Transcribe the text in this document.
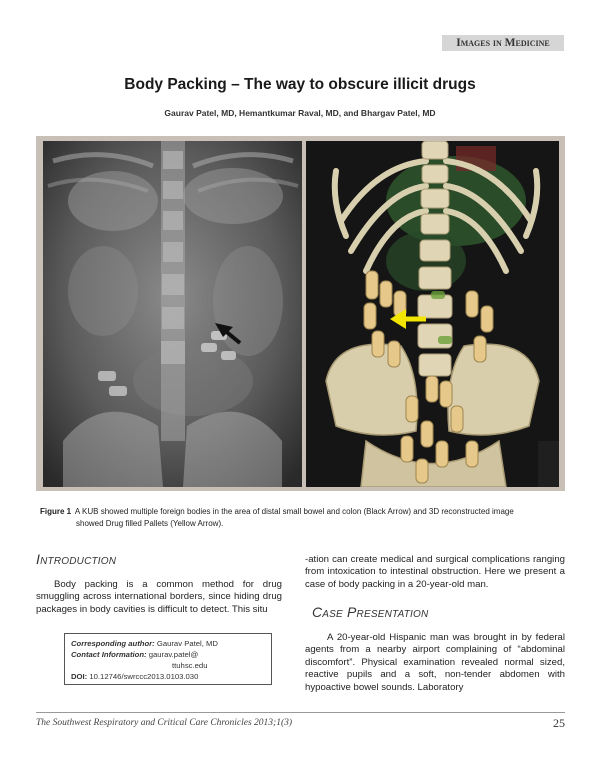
Images in Medicine
Body Packing – The way to obscure illicit drugs
Gaurav Patel, MD, Hemantkumar Raval, MD, and Bhargav Patel, MD
Figure 1 A KUB showed multiple foreign bodies in the area of distal small bowel and colon (Black Arrow) and 3D reconstructed image
showed Drug filled Pallets (Yellow Arrow).
Introduction
Body packing is a common method for drug smuggling across international borders, since hiding drug packages in body cavities is difficult to detect. This situ
-ation can create medical and surgical complications ranging from intoxication to intestinal obstruction. Here we present a case of body packing in a 20-year-old man.
Case Presentation
A 20-year-old Hispanic man was brought in by federal agents from a nearby airport complaining of “abdominal discomfort”. Physical examination revealed normal sized, reactive pupils and a soft, non-tender abdomen with hypoactive bowel sounds. Laboratory
Corresponding author: Gaurav Patel, MD
Contact Information: gaurav.patel@
ttuhsc.edu
DOI: 10.12746/swrccc2013.0103.030
The Southwest Respiratory and Critical Care Chronicles 2013;1(3)	25
